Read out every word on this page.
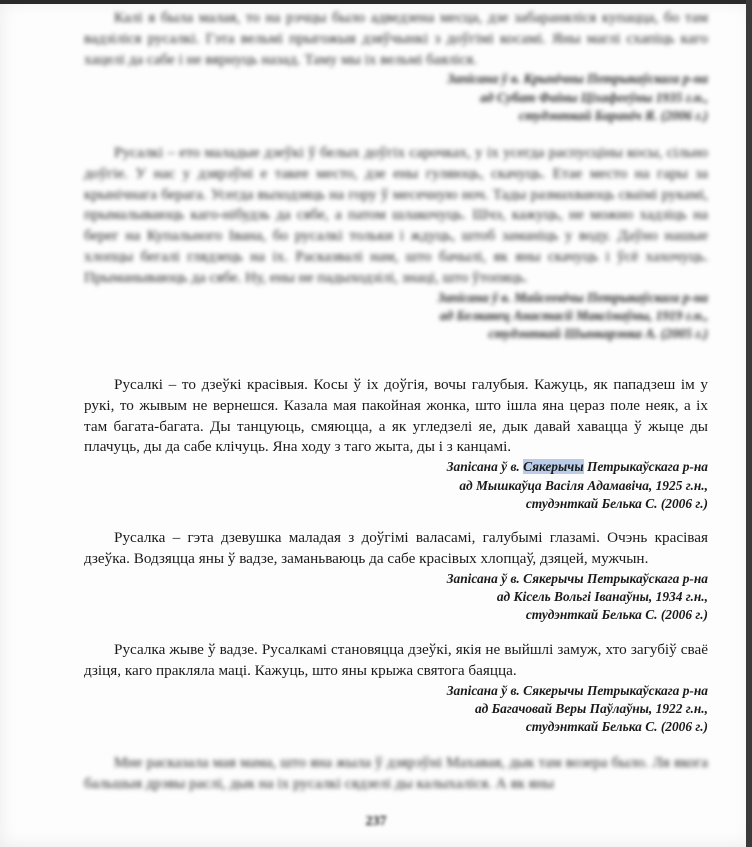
Калі я была малая, то на рэчцы было адведзена месца, дзе забараняліся купацца, бо там вадзіліся русалкі. Гэта вельмі прыгожыя дзяўчынкі з доўгімі косамі. Яны маглі схапіць каго хацелі да сабе і не вярнуць назад. Таму мы іх вельмі баяліся.

Запісана ў в. Крынічны Петрыкаўскага р-на
ад Субат Фаіны Ціхафееўны 1935 г.н.,
студэнткай Бараніч Я. (2006 г.)

Русалкі – ето маладые дзеўкі ў белых доўгіх сарочках, у іх усегда распусціны косы, сільно доўгіе. У нас у дзярэўні е такее место, дзе ены гуляюць, скачуць. Етае место на гары за крынічнага берага. Усегда выходзяць на гору ў месечную ноч. Тады размахваюць сваімі рукамі, прымалываюць каго-нібудзь да сябе, а патом шлакочуць. Шчэ, кажуць, не можно хадзіць на берег на Купального Івана, бо русалкі тольки і ждуць, штоб заманіць у воду. Даўно нашые хлопцы бегалі глядзець на іх. Расказвалі нам, што бачылі, як яны скачуць і ўсё хахочуць. Прыманываюць да сябе. Ну, ены не падыходзілі, знаці, што ўтопяць.

Запісана ў в. Майсеевічы Петрыкаўскага р-на
ад Белкавец Анастасіі Максімаўны, 1919 г.н.,
студэнткай Шынкарэнка А. (2005 г.)

Русалкі – то дзеўкі красівыя. Косы ў іх доўгія, вочы галубыя. Кажуць, як пападзеш ім у рукі, то жывым не вернешся. Казала мая пакойная жонка, што ішла яна цераз поле неяк, а іх там багата-багата. Ды танцуюць, смяюцца, а як угледзелі яе, дык давай хавацца ў жыце ды плачуць, ды да сабе клічуць. Яна ходу з таго жыта, ды і з канцамі.

Запісана ў в. Сякерычы Петрыкаўскага р-на
ад Мышкаўца Васіля Адамавіча, 1925 г.н.,
студэнткай Белька С. (2006 г.)

Русалка – гэта дзевушка маладая з доўгімі валасамі, галубымі глазамі. Очэнь красівая дзеўка. Водзяцца яны ў вадзе, заманьваюць да сабе красівых хлопцаў, дзяцей, мужчын.

Запісана ў в. Сякерычы Петрыкаўскага р-на
ад Кісель Вольгі Іванаўны, 1934 г.н.,
студэнткай Белька С. (2006 г.)

Русалка жыве ў вадзе. Русалкамі становяцца дзеўкі, якія не выйшлі замуж, хто загубіў сваё дзіця, каго пракляла маці. Кажуць, што яны крыжа святога баяцца.

Запісана ў в. Сякерычы Петрыкаўскага р-на
ад Багачовай Веры Паўлаўны, 1922 г.н.,
студэнткай Белька С. (2006 г.)

Мне расказала мая мама, што яна жыла ў дзярэўні Махавая, дык там возера было. Ля якога бальшыя дрэвы раслі, дык на іх русалкі сядзелі ды калыхаліся. А як яны

237
